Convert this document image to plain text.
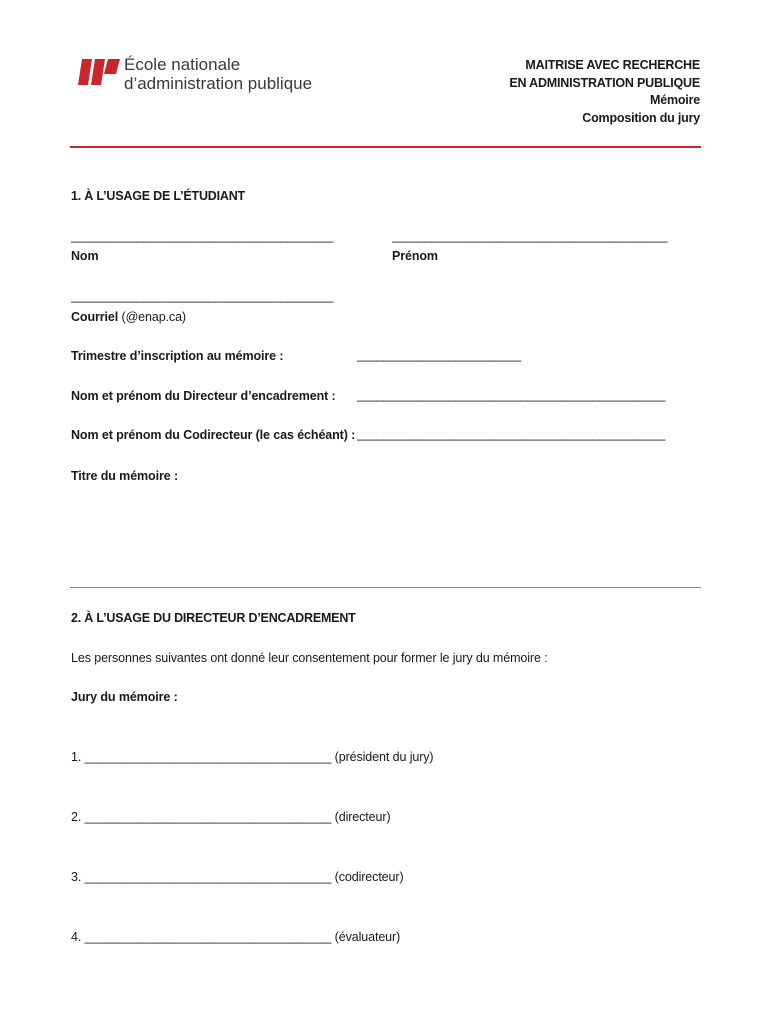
École nationale
d’administration publique
MAITRISE AVEC RECHERCHE
EN ADMINISTRATION PUBLIQUE
Mémoire
Composition du jury
1. À L’USAGE DE L’ÉTUDIANT
________________________________________	__________________________________________
Nom	Prénom
________________________________________
Courriel (@enap.ca)
Trimestre d’inscription au mémoire :	_________________________
Nom et prénom du Directeur d’encadrement : _______________________________________________
Nom et prénom du Codirecteur (le cas échéant) : _______________________________________________
Titre du mémoire :
2. À L’USAGE DU DIRECTEUR D’ENCADREMENT
Les personnes suivantes ont donné leur consentement pour former le jury du mémoire :
Jury du mémoire :
1. ____________________________________ (président du jury)
2. ____________________________________ (directeur)
3. ____________________________________ (codirecteur)
4. ____________________________________ (évaluateur)
